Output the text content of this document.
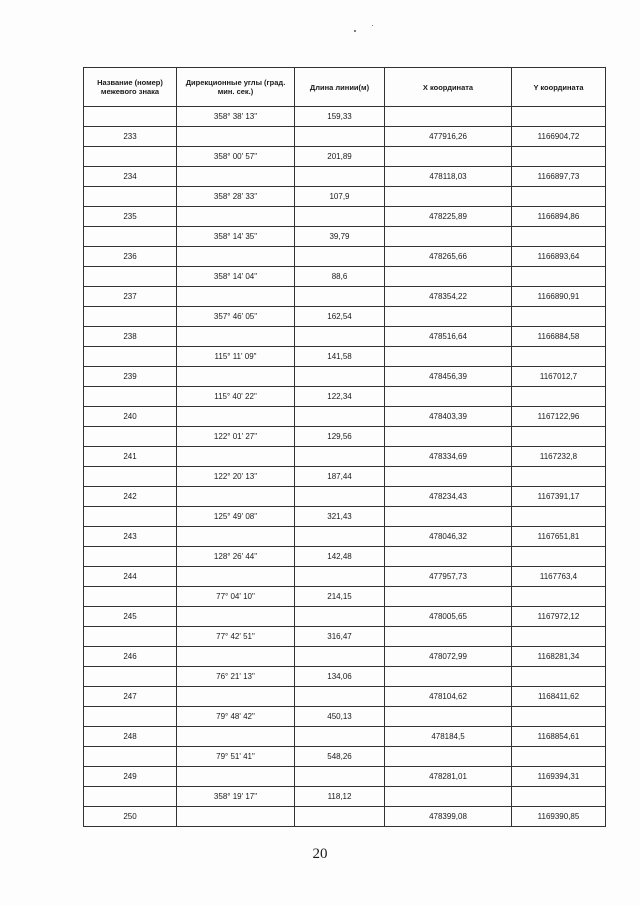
Название (номер) межевого знака	Дирекционные углы (град. мин. сек.)	Длина линии(м)	X координата	Y координата
	358° 38' 13"	159,33		
233			477916,26	1166904,72
	358° 00' 57"	201,89		
234			478118,03	1166897,73
	358° 28' 33"	107,9		
235			478225,89	1166894,86
	358° 14' 35"	39,79		
236			478265,66	1166893,64
	358° 14' 04"	88,6		
237			478354,22	1166890,91
	357° 46' 05"	162,54		
238			478516,64	1166884,58
	115° 11' 09"	141,58		
239			478456,39	1167012,7
	115° 40' 22"	122,34		
240			478403,39	1167122,96
	122° 01' 27"	129,56		
241			478334,69	1167232,8
	122° 20' 13"	187,44		
242			478234,43	1167391,17
	125° 49' 08"	321,43		
243			478046,32	1167651,81
	128° 26' 44"	142,48		
244			477957,73	1167763,4
	77° 04' 10"	214,15		
245			478005,65	1167972,12
	77° 42' 51"	316,47		
246			478072,99	1168281,34
	76° 21' 13"	134,06		
247			478104,62	1168411,62
	79° 48' 42"	450,13		
248			478184,5	1168854,61
	79° 51' 41"	548,26		
249			478281,01	1169394,31
	358° 19' 17"	118,12		
250			478399,08	1169390,85
20
